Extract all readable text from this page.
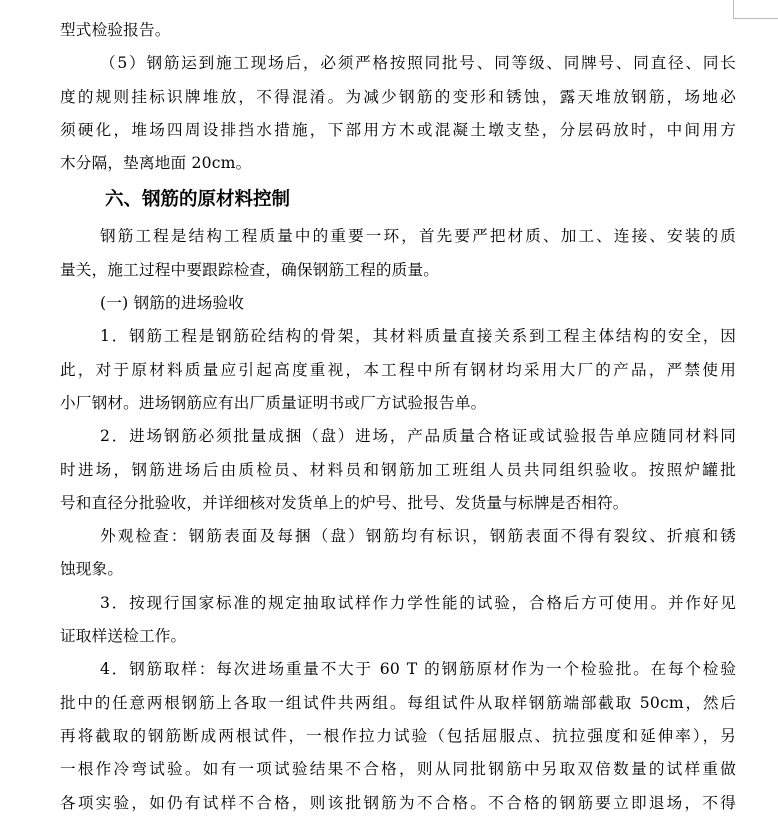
型式检验报告。
（5）钢筋运到施工现场后，必须严格按照同批号、同等级、同牌号、同直径、同长
度的规则挂标识牌堆放，不得混淆。为减少钢筋的变形和锈蚀，露天堆放钢筋，场地必
须硬化，堆场四周设排挡水措施，下部用方木或混凝土墩支垫，分层码放时，中间用方
木分隔，垫离地面 20cm。
六、钢筋的原材料控制
钢筋工程是结构工程质量中的重要一环，首先要严把材质、加工、连接、安装的质
量关，施工过程中要跟踪检查，确保钢筋工程的质量。
(一) 钢筋的进场验收
1．钢筋工程是钢筋砼结构的骨架，其材料质量直接关系到工程主体结构的安全，因
此，对于原材料质量应引起高度重视，本工程中所有钢材均采用大厂的产品，严禁使用
小厂钢材。进场钢筋应有出厂质量证明书或厂方试验报告单。
2．进场钢筋必须批量成捆（盘）进场，产品质量合格证或试验报告单应随同材料同
时进场，钢筋进场后由质检员、材料员和钢筋加工班组人员共同组织验收。按照炉罐批
号和直径分批验收，并详细核对发货单上的炉号、批号、发货量与标牌是否相符。
外观检查：钢筋表面及每捆（盘）钢筋均有标识，钢筋表面不得有裂纹、折痕和锈
蚀现象。
3．按现行国家标准的规定抽取试样作力学性能的试验，合格后方可使用。并作好见
证取样送检工作。
4．钢筋取样：每次进场重量不大于 60 T 的钢筋原材作为一个检验批。在每个检验
批中的任意两根钢筋上各取一组试件共两组。每组试件从取样钢筋端部截取 50cm，然后
再将截取的钢筋断成两根试件，一根作拉力试验（包括屈服点、抗拉强度和延伸率），另
一根作冷弯试验。如有一项试验结果不合格，则从同批钢筋中另取双倍数量的试样重做
各项实验，如仍有试样不合格，则该批钢筋为不合格。不合格的钢筋要立即退场，不得
